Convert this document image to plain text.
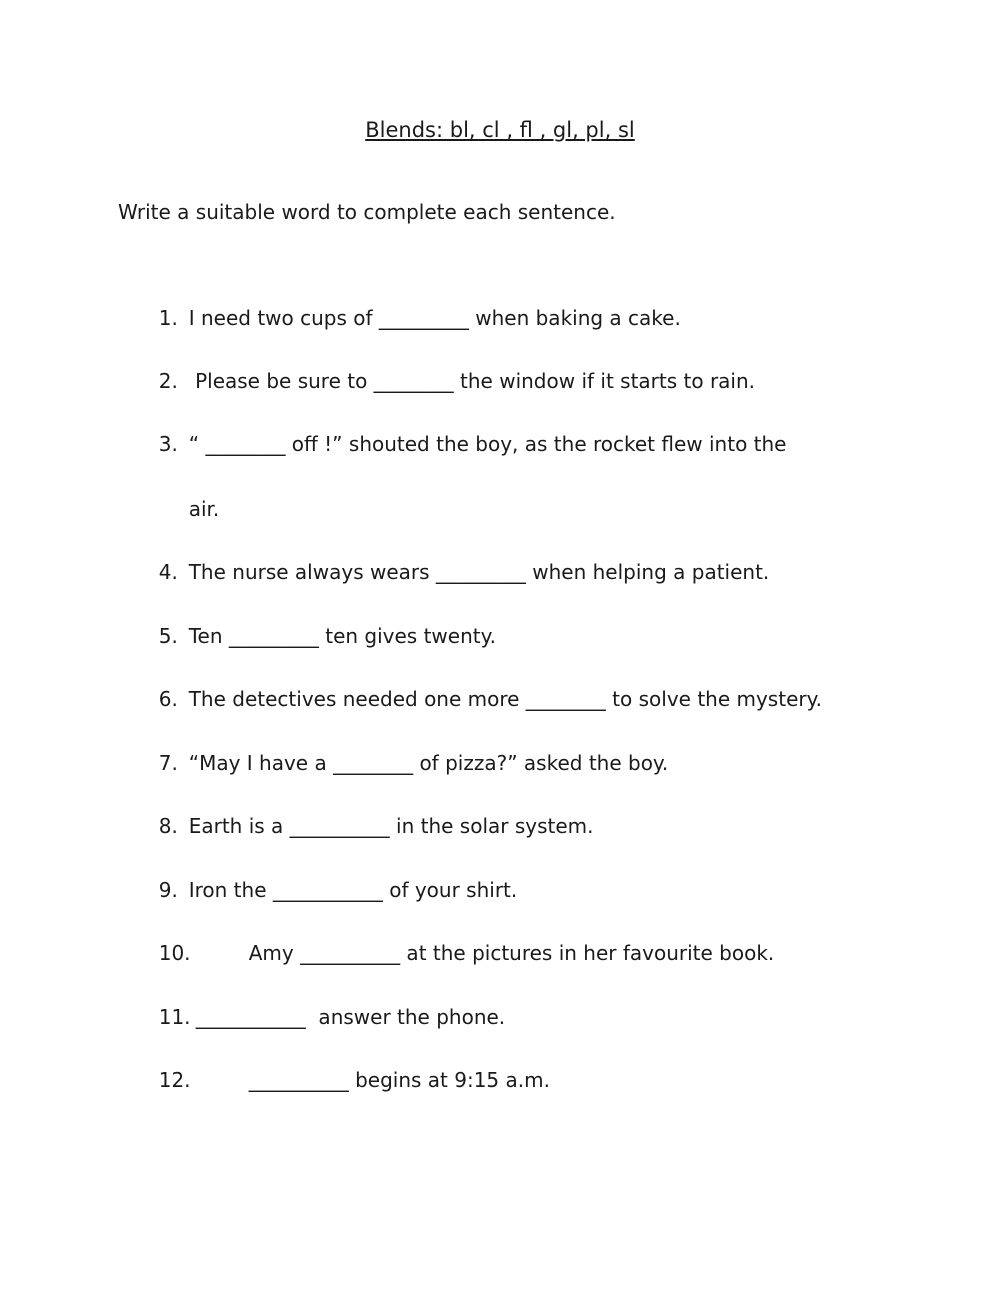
Blends: bl, cl , fl , gl, pl, sl
Write a suitable word to complete each sentence.

1. I need two cups of _________ when baking a cake.

2. Please be sure to ________ the window if it starts to rain.

3. “ ________ off !” shouted the boy, as the rocket flew into the

air.

4. The nurse always wears _________ when helping a patient.

5. Ten _________ ten gives twenty.

6. The detectives needed one more ________ to solve the mystery.

7. “May I have a ________ of pizza?” asked the boy.

8. Earth is a __________ in the solar system.

9. Iron the ___________ of your shirt.

10.	Amy __________ at the pictures in her favourite book.

11. ___________  answer the phone.

12.	__________ begins at 9:15 a.m.
